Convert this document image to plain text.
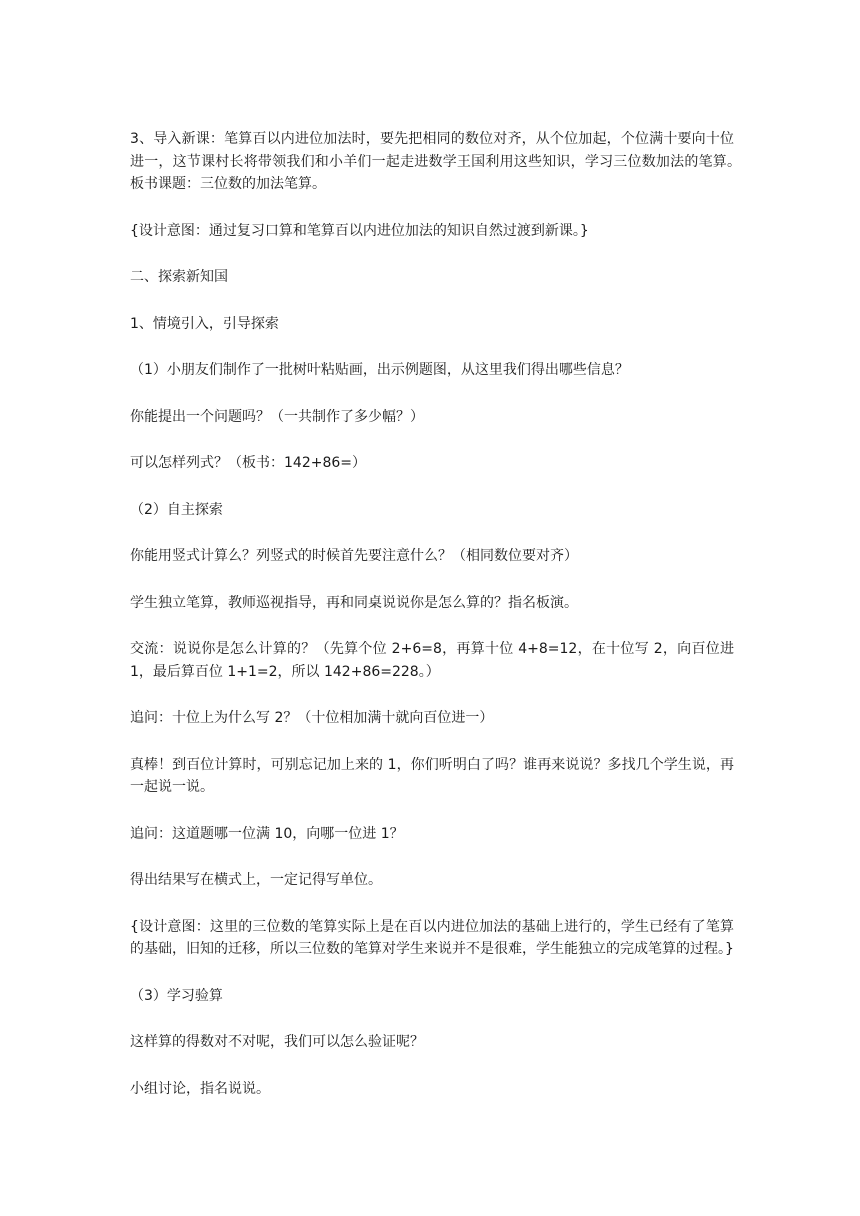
3、导入新课：笔算百以内进位加法时，要先把相同的数位对齐，从个位加起，个位满十要向十位进一，这节课村长将带领我们和小羊们一起走进数学王国利用这些知识，学习三位数加法的笔算。　板书课题：三位数的加法笔算。

{设计意图：通过复习口算和笔算百以内进位加法的知识自然过渡到新课。}

二、探索新知国

1、情境引入，引导探索

（1）小朋友们制作了一批树叶粘贴画，出示例题图，从这里我们得出哪些信息？

你能提出一个问题吗？（一共制作了多少幅？）

可以怎样列式？（板书：142+86=）

（2）自主探索

你能用竖式计算么？列竖式的时候首先要注意什么？（相同数位要对齐）

学生独立笔算，教师巡视指导，再和同桌说说你是怎么算的？指名板演。

交流：说说你是怎么计算的？（先算个位 2+6=8，再算十位 4+8=12，在十位写 2，向百位进 1，最后算百位 1+1=2，所以 142+86=228。）

追问：十位上为什么写 2？（十位相加满十就向百位进一）

真棒！到百位计算时，可别忘记加上来的 1，你们听明白了吗？谁再来说说？多找几个学生说，再一起说一说。

追问：这道题哪一位满 10，向哪一位进 1？

得出结果写在横式上，一定记得写单位。

{设计意图：这里的三位数的笔算实际上是在百以内进位加法的基础上进行的，学生已经有了笔算的基础，旧知的迁移，所以三位数的笔算对学生来说并不是很难，学生能独立的完成笔算的过程。}

（3）学习验算

这样算的得数对不对呢，我们可以怎么验证呢？

小组讨论，指名说说。
